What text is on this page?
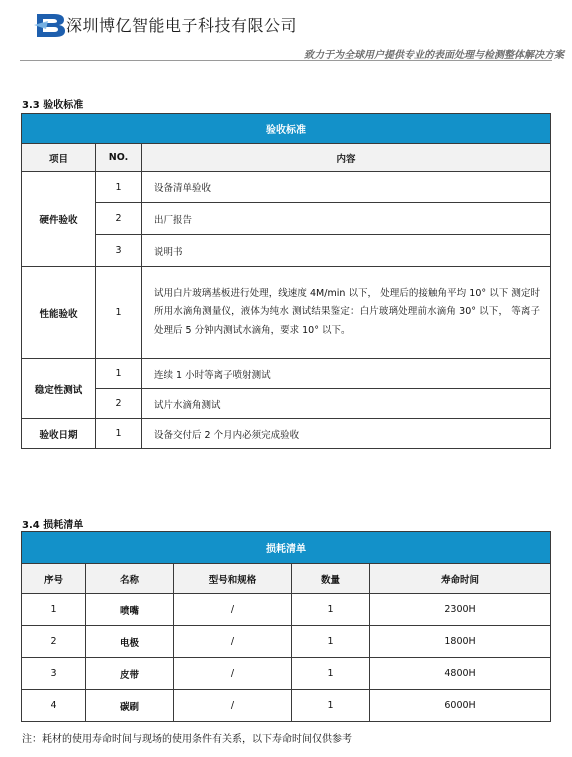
深圳博亿智能电子科技有限公司
致力于为全球用户提供专业的表面处理与检测整体解决方案
3.3 验收标准
验收标准		
项目	NO.	内容
硬件验收	1	设备清单验收
	2	出厂报告
	3	说明书
性能验收	1	试用白片玻璃基板进行处理，线速度 4M/min 以下， 处理后的接触角平均 10° 以下 测定时所用水滴角测量仪，液体为纯水 测试结果鉴定：白片玻璃处理前水滴角 30° 以下， 等离子处理后 5 分钟内测试水滴角，要求 10° 以下。
稳定性测试	1	连续 1 小时等离子喷射测试
	2	试片水滴角测试
验收日期	1	设备交付后 2 个月内必须完成验收
3.4 损耗清单
损耗清单				
序号	名称	型号和规格	数量	寿命时间
1	喷嘴	/	1	2300H
2	电极	/	1	1800H
3	皮带	/	1	4800H
4	碳刷	/	1	6000H
注：耗材的使用寿命时间与现场的使用条件有关系，以下寿命时间仅供参考
